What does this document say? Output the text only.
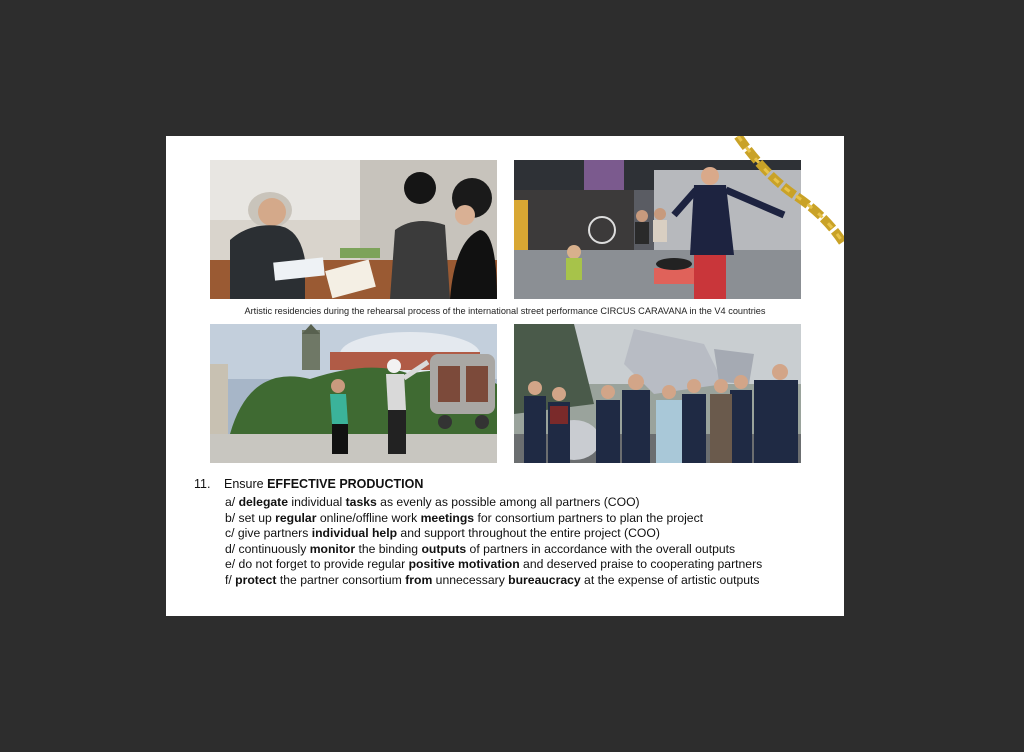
Artistic residencies during the rehearsal process of the international street performance CIRCUS CARAVANA in the V4 countries
11. Ensure EFFECTIVE PRODUCTION
a/ delegate individual tasks as evenly as possible among all partners (COO)
b/ set up regular online/offline work meetings for consortium partners to plan the project
c/ give partners individual help and support throughout the entire project (COO)
d/ continuously monitor the binding outputs of partners in accordance with the overall outputs
e/ do not forget to provide regular positive motivation and deserved praise to cooperating partners
f/ protect the partner consortium from unnecessary bureaucracy at the expense of artistic outputs
